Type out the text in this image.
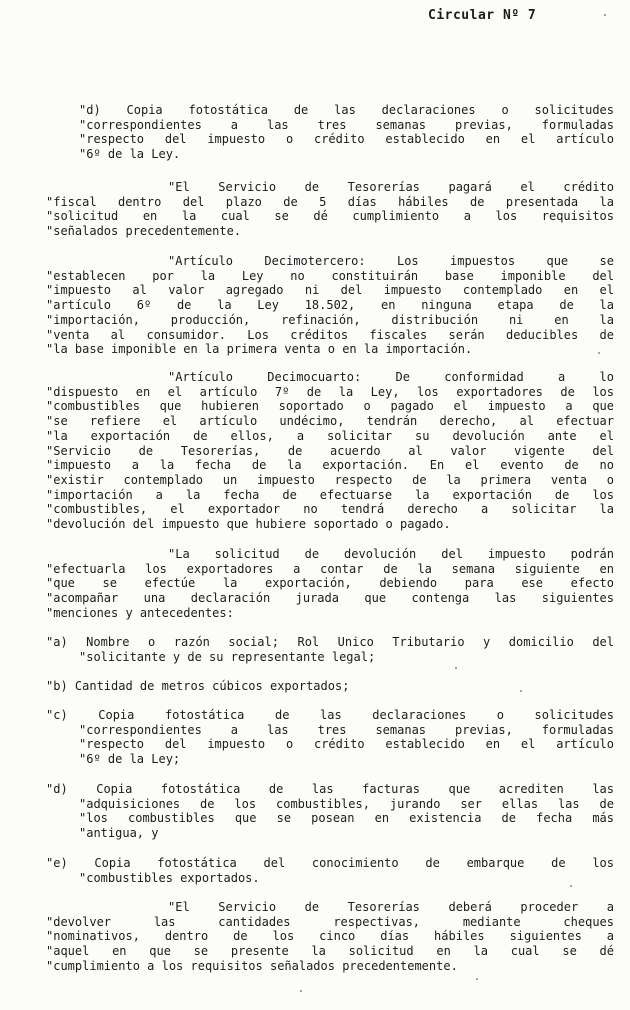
Circular Nº 7
"d) Copia fotostática de las declaraciones o solicitudes
"correspondientes a las tres semanas previas, formuladas
"respecto del impuesto o crédito establecido en el artículo
"6º de la Ley.
"El Servicio de Tesorerías pagará el crédito
"fiscal dentro del plazo de 5 días hábiles de presentada la
"solicitud en la cual se dé cumplimiento a los requisitos
"señalados precedentemente.
"Artículo Decimotercero: Los impuestos que se
"establecen por la Ley no constituirán base imponible del
"impuesto al valor agregado ni del impuesto contemplado en el
"artículo 6º de la Ley 18.502, en ninguna etapa de la
"importación, producción, refinación, distribución ni en la
"venta al consumidor. Los créditos fiscales serán deducibles de
"la base imponible en la primera venta o en la importación.
"Artículo Decimocuarto: De conformidad a lo
"dispuesto en el artículo 7º de la Ley, los exportadores de los
"combustibles que hubieren soportado o pagado el impuesto a que
"se refiere el artículo undécimo, tendrán derecho, al efectuar
"la exportación de ellos, a solicitar su devolución ante el
"Servicio de Tesorerías, de acuerdo al valor vigente del
"impuesto a la fecha de la exportación. En el evento de no
"existir contemplado un impuesto respecto de la primera venta o
"importación a la fecha de efectuarse la exportación de los
"combustibles, el exportador no tendrá derecho a solicitar la
"devolución del impuesto que hubiere soportado o pagado.
"La solicitud de devolución del impuesto podrán
"efectuarla los exportadores a contar de la semana siguiente en
"que se efectúe la exportación, debiendo para ese efecto
"acompañar una declaración jurada que contenga las siguientes
"menciones y antecedentes:
"a) Nombre o razón social; Rol Unico Tributario y domicilio del
"solicitante y de su representante legal;
"b) Cantidad de metros cúbicos exportados;
"c) Copia fotostática de las declaraciones o solicitudes
"correspondientes a las tres semanas previas, formuladas
"respecto del impuesto o crédito establecido en el artículo
"6º de la Ley;
"d) Copia fotostática de las facturas que acrediten las
"adquisiciones de los combustibles, jurando ser ellas las de
"los combustibles que se posean en existencia de fecha más
"antigua, y
"e) Copia fotostática del conocimiento de embarque de los
"combustibles exportados.
"El Servicio de Tesorerías deberá proceder a
"devolver las cantidades respectivas, mediante cheques
"nominativos, dentro de los cinco días hábiles siguientes a
"aquel en que se presente la solicitud en la cual se dé
"cumplimiento a los requisitos señalados precedentemente.
